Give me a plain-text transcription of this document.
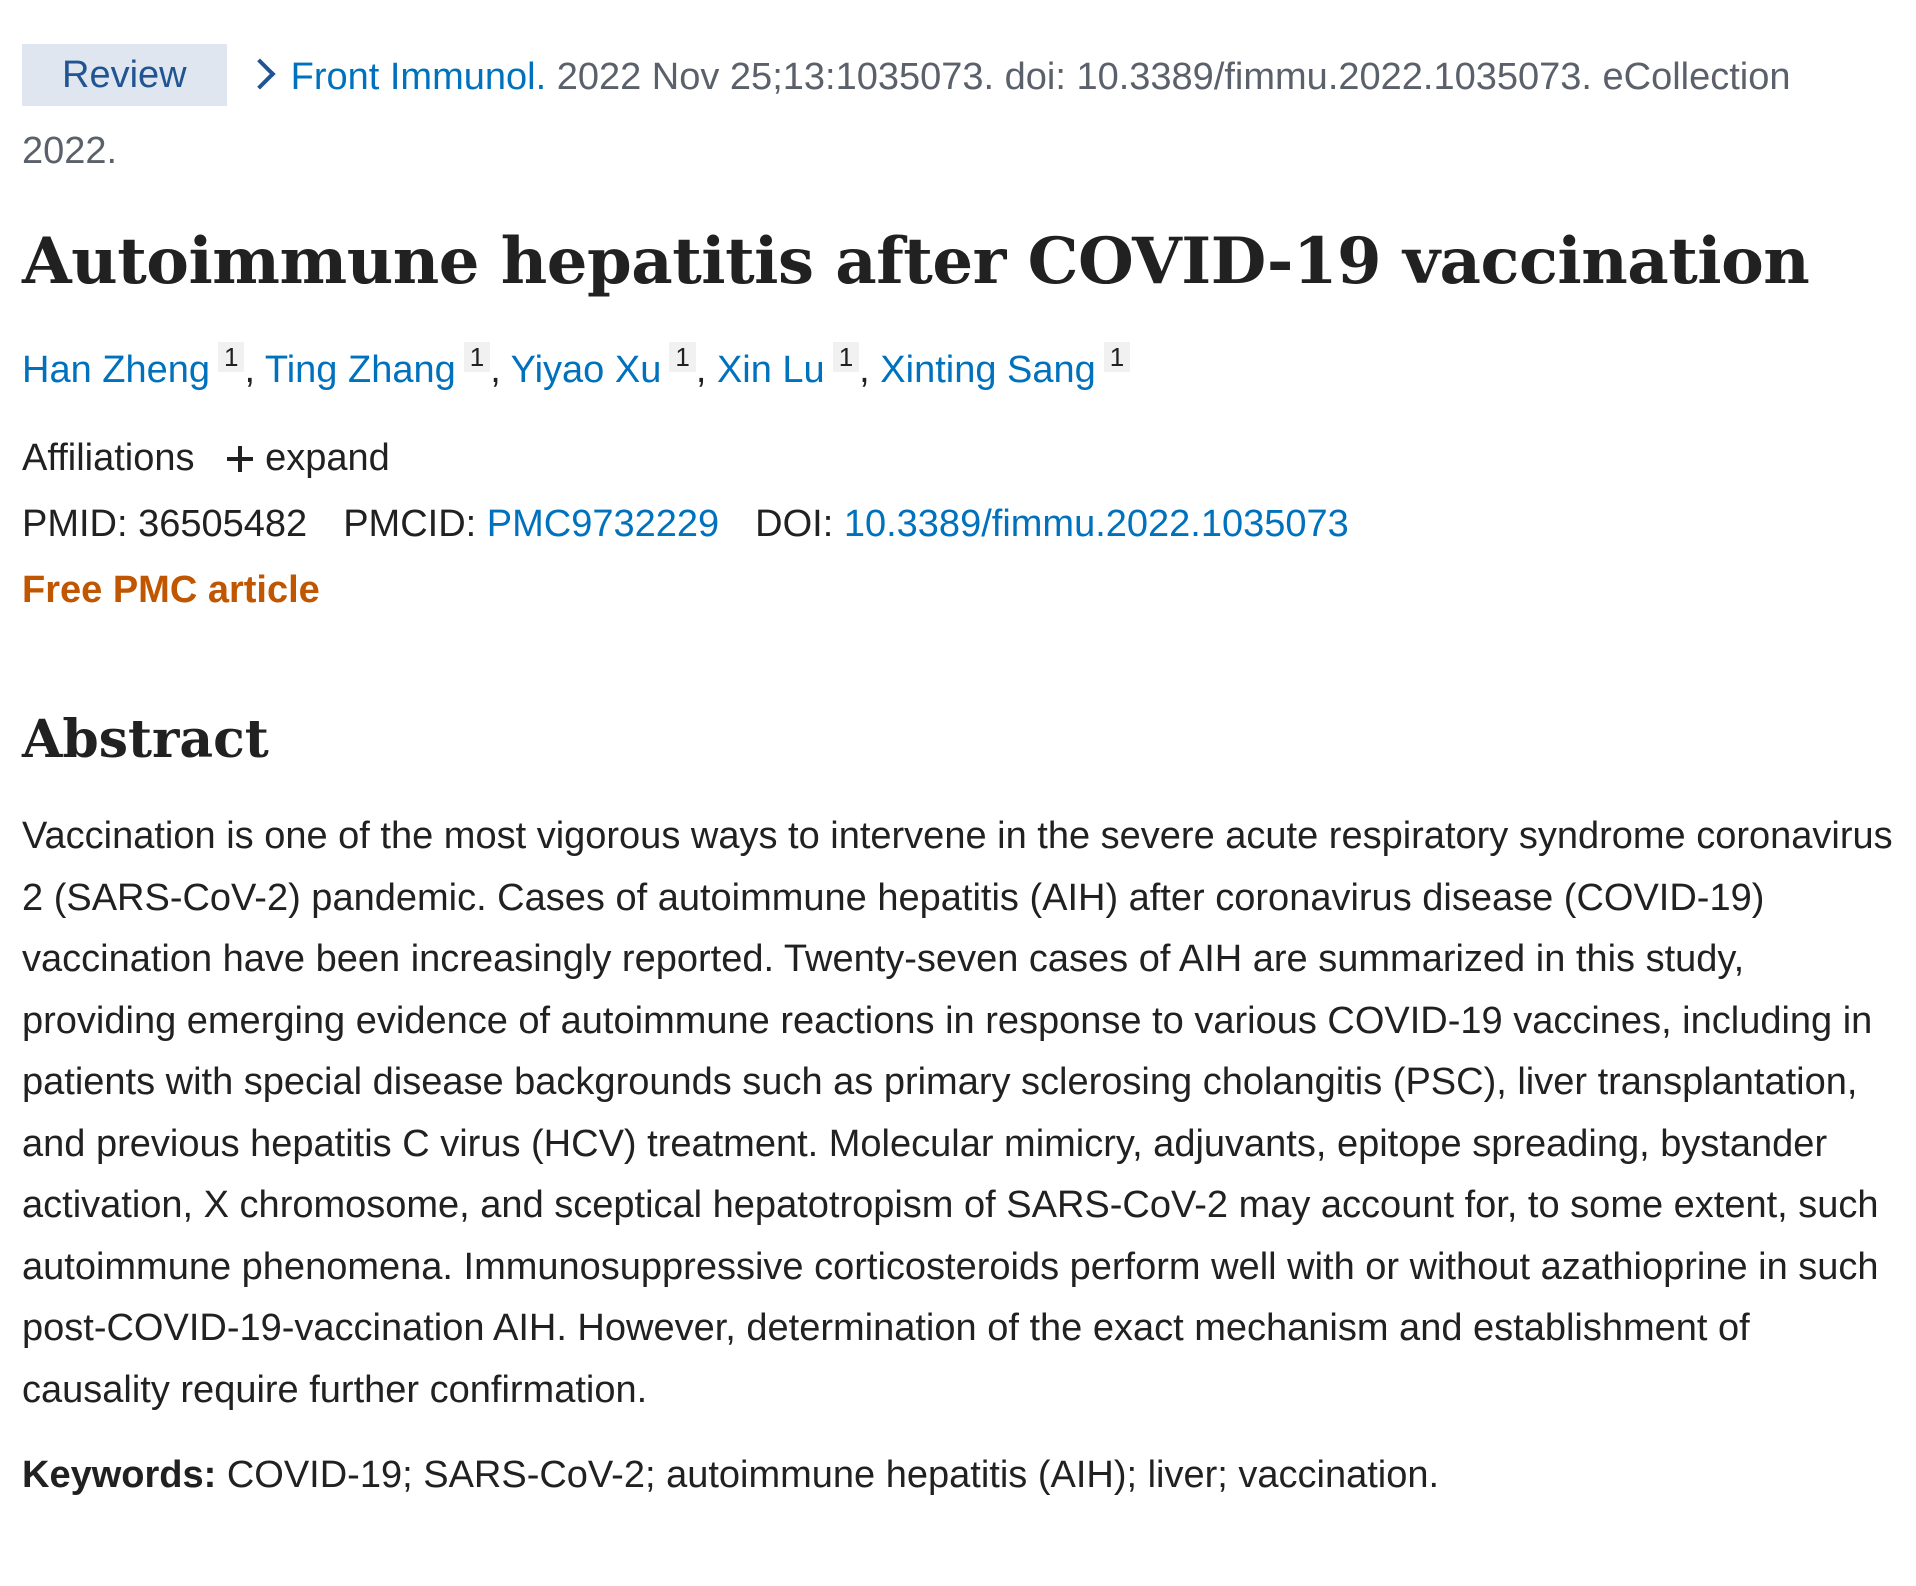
Review	Front Immunol. 2022 Nov 25;13:1035073. doi: 10.3389/fimmu.2022.1035073. eCollection 2022.
Autoimmune hepatitis after COVID-19 vaccination
Han Zheng 1 , Ting Zhang 1 , Yiyao Xu 1 , Xin Lu 1 , Xinting Sang 1
Affiliations expand
PMID: 36505482 PMCID: PMC9732229 DOI: 10.3389/fimmu.2022.1035073
Free PMC article
Abstract

Vaccination is one of the most vigorous ways to intervene in the severe acute respiratory syndrome coronavirus 2 (SARS-CoV-2) pandemic. Cases of autoimmune hepatitis (AIH) after coronavirus disease (COVID-19) vaccination have been increasingly reported. Twenty-seven cases of AIH are summarized in this study, providing emerging evidence of autoimmune reactions in response to various COVID-19 vaccines, including in patients with special disease backgrounds such as primary sclerosing cholangitis (PSC), liver transplantation, and previous hepatitis C virus (HCV) treatment. Molecular mimicry, adjuvants, epitope spreading, bystander activation, X chromosome, and sceptical hepatotropism of SARS-CoV-2 may account for, to some extent, such autoimmune phenomena. Immunosuppressive corticosteroids perform well with or without azathioprine in such post-COVID-19-vaccination AIH. However, determination of the exact mechanism and establishment of causality require further confirmation.

Keywords: COVID-19; SARS-CoV-2; autoimmune hepatitis (AIH); liver; vaccination.
